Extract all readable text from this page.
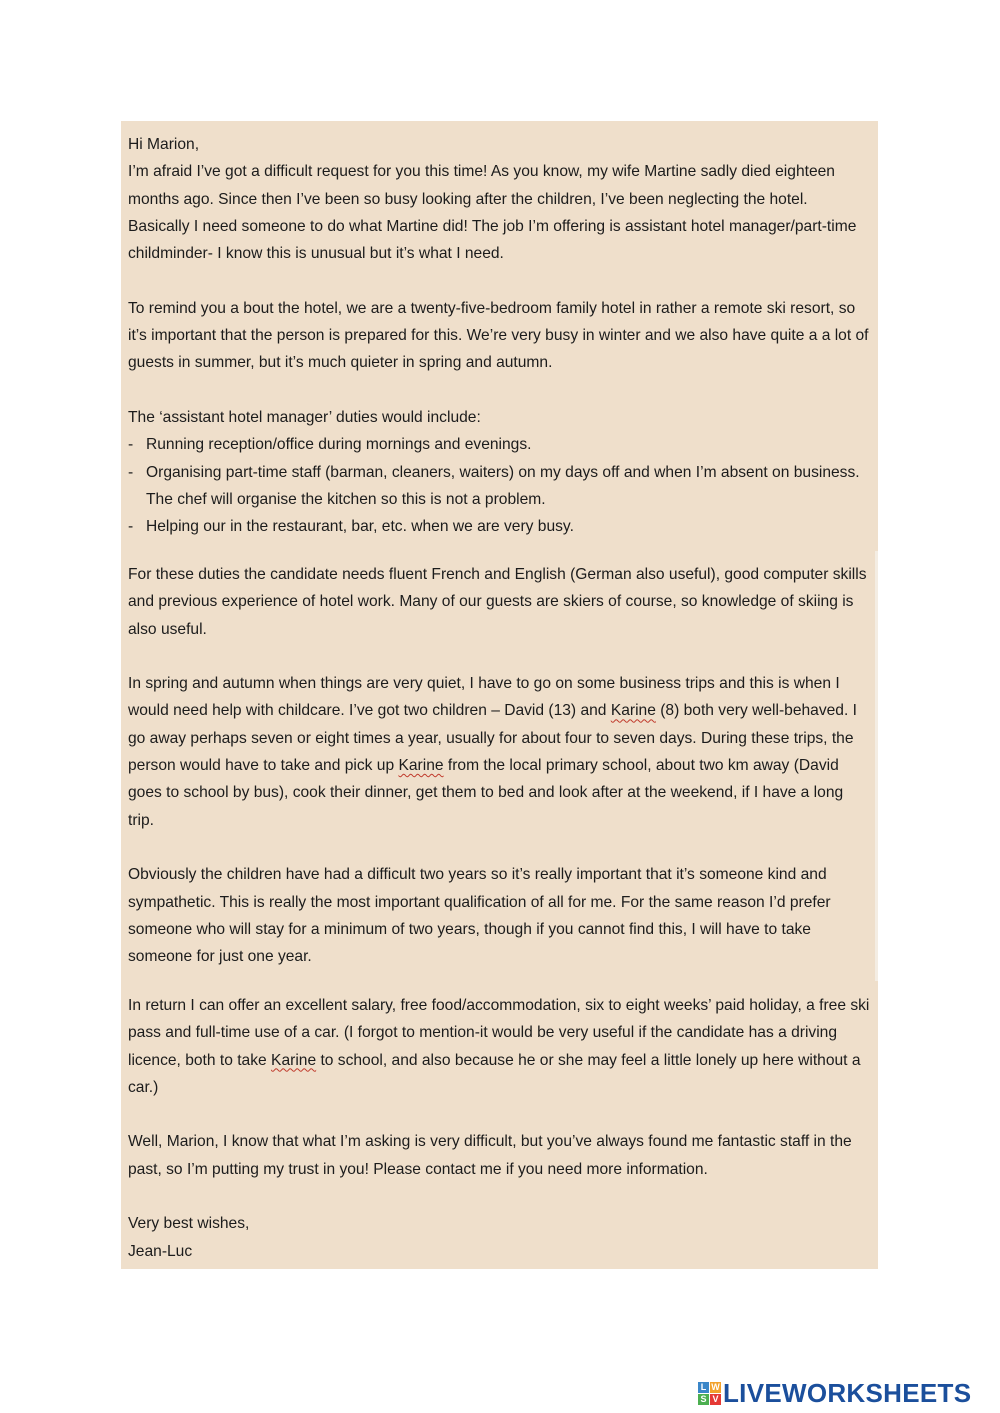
Hi Marion,

I’m afraid I’ve got a difficult request for you this time! As you know, my wife Martine sadly died eighteen months ago. Since then I’ve been so busy looking after the children, I’ve been neglecting the hotel. Basically I need someone to do what Martine did! The job I’m offering is assistant hotel manager/part-time childminder- I know this is unusual but it’s what I need.

To remind you a bout the hotel, we are a twenty-five-bedroom family hotel in rather a remote ski resort, so it’s important that the person is prepared for this. We’re very busy in winter and we also have quite a a lot of guests in summer, but it’s much quieter in spring and autumn.

The ‘assistant hotel manager’ duties would include:

- Running reception/office during mornings and evenings.
- Organising part-time staff (barman, cleaners, waiters) on my days off and when I’m absent on business. The chef will organise the kitchen so this is not a problem.
- Helping our in the restaurant, bar, etc. when we are very busy.

For these duties the candidate needs fluent French and English (German also useful), good computer skills and previous experience of hotel work. Many of our guests are skiers of course, so knowledge of skiing is also useful.

In spring and autumn when things are very quiet, I have to go on some business trips and this is when I would need help with childcare. I’ve got two children – David (13) and Karine (8) both very well-behaved. I go away perhaps seven or eight times a year, usually for about four to seven days. During these trips, the person would have to take and pick up Karine from the local primary school, about two km away (David goes to school by bus), cook their dinner, get them to bed and look after at the weekend, if I have a long trip.

Obviously the children have had a difficult two years so it’s really important that it’s someone kind and sympathetic. This is really the most important qualification of all for me. For the same reason I’d prefer someone who will stay for a minimum of two years, though if you cannot find this, I will have to take someone for just one year.

In return I can offer an excellent salary, free food/accommodation, six to eight weeks’ paid holiday, a free ski pass and full-time use of a car. (I forgot to mention-it would be very useful if the candidate has a driving licence, both to take Karine to school, and also because he or she may feel a little lonely up here without a car.)

Well, Marion, I know that what I’m asking is very difficult, but you’ve always found me fantastic staff in the past, so I’m putting my trust in you! Please contact me if you need more information.

Very best wishes,

Jean-Luc

L W
S V LIVEWORKSHEETS
